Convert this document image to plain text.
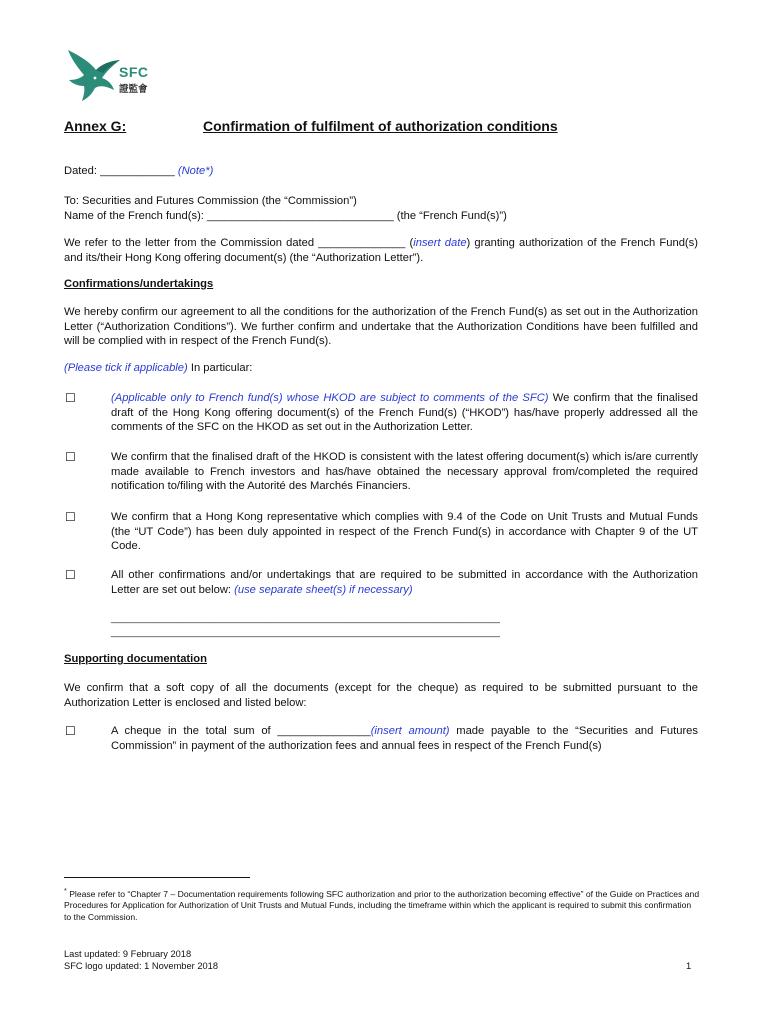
SFC
證監會

Annex G:	Confirmation of fulfilment of authorization conditions

Dated: ____________ (Note*)

To: Securities and Futures Commission (the “Commission”)

Name of the French fund(s): ______________________________ (the “French Fund(s)”)

We refer to the letter from the Commission dated ______________ (insert date) granting authorization of the French Fund(s) and its/their Hong Kong offering document(s) (the “Authorization Letter”).

Confirmations/undertakings

We hereby confirm our agreement to all the conditions for the authorization of the French Fund(s) as set out in the Authorization Letter (“Authorization Conditions”). We further confirm and undertake that the Authorization Conditions have been fulfilled and will be complied with in respect of the French Fund(s).

(Please tick if applicable) In particular:

☐	(Applicable only to French fund(s) whose HKOD are subject to comments of the SFC) We confirm that the finalised draft of the Hong Kong offering document(s) of the French Fund(s) (“HKOD”) has/have properly addressed all the comments of the SFC on the HKOD as set out in the Authorization Letter.

☐	We confirm that the finalised draft of the HKOD is consistent with the latest offering document(s) which is/are currently made available to French investors and has/have obtained the necessary approval from/completed the required notification to/filing with the Autorité des Marchés Financiers.

☐	We confirm that a Hong Kong representative which complies with 9.4 of the Code on Unit Trusts and Mutual Funds (the “UT Code”) has been duly appointed in respect of the French Fund(s) in accordance with Chapter 9 of the UT Code.

☐	All other confirmations and/or undertakings that are required to be submitted in accordance with the Authorization Letter are set out below: (use separate sheet(s) if necessary)

___________________________________________________________________________

___________________________________________________________________________

Supporting documentation

We confirm that a soft copy of all the documents (except for the cheque) as required to be submitted pursuant to the Authorization Letter is enclosed and listed below:

☐	A cheque in the total sum of _______________(insert amount) made payable to the “Securities and Futures Commission” in payment of the authorization fees and annual fees in respect of the French Fund(s)

* Please refer to “Chapter 7 – Documentation requirements following SFC authorization and prior to the authorization becoming effective” of the Guide on Practices and Procedures for Application for Authorization of Unit Trusts and Mutual Funds, including the timeframe within which the applicant is required to submit this confirmation to the Commission.

Last updated: 9 February 2018

SFC logo updated: 1 November 2018	1
